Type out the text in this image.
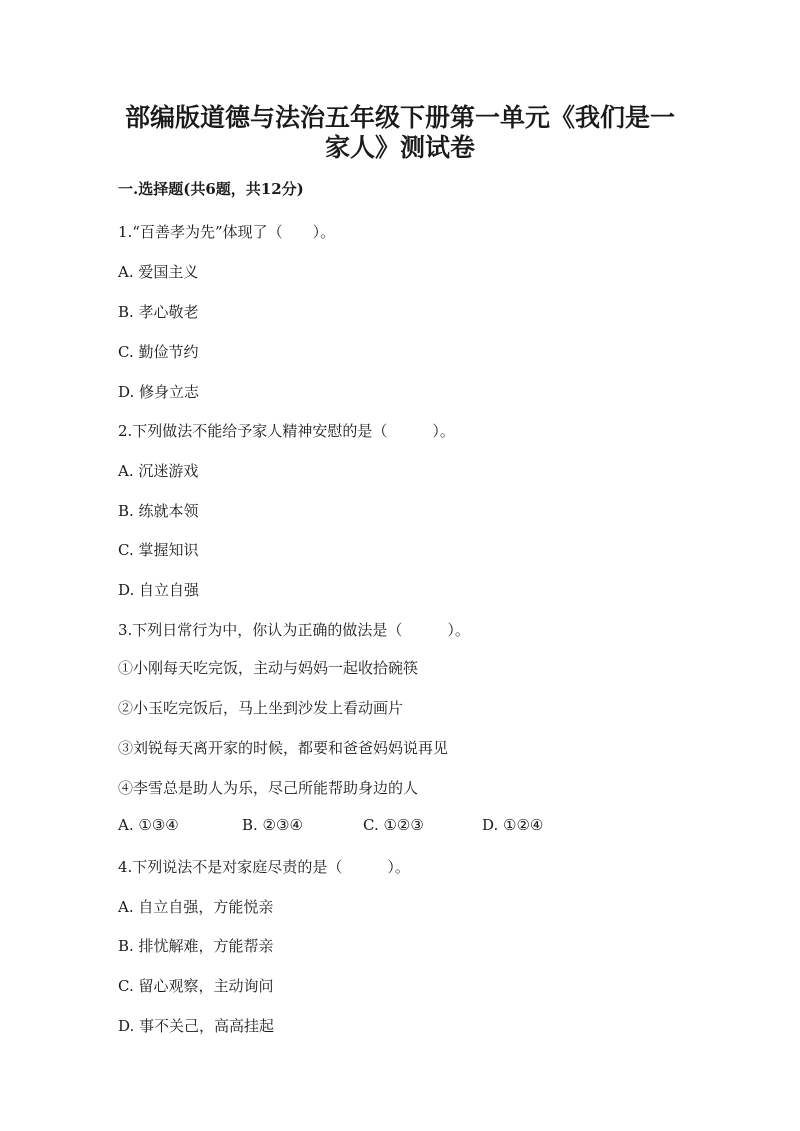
部编版道德与法治五年级下册第一单元《我们是一
家人》测试卷
一.选择题(共6题，共12分)
1.“百善孝为先”体现了（　　）。
A. 爱国主义
B. 孝心敬老
C. 勤俭节约
D. 修身立志
2.下列做法不能给予家人精神安慰的是（　　　）。
A. 沉迷游戏
B. 练就本领
C. 掌握知识
D. 自立自强
3.下列日常行为中，你认为正确的做法是（　　　）。
①小刚每天吃完饭，主动与妈妈一起收拾碗筷
②小玉吃完饭后，马上坐到沙发上看动画片
③刘锐每天离开家的时候，都要和爸爸妈妈说再见
④李雪总是助人为乐，尽己所能帮助身边的人
A. ①③④	B. ②③④	C. ①②③	D. ①②④
4.下列说法不是对家庭尽责的是（　　　）。
A. 自立自强，方能悦亲
B. 排忧解难，方能帮亲
C. 留心观察，主动询问
D. 事不关己，高高挂起
